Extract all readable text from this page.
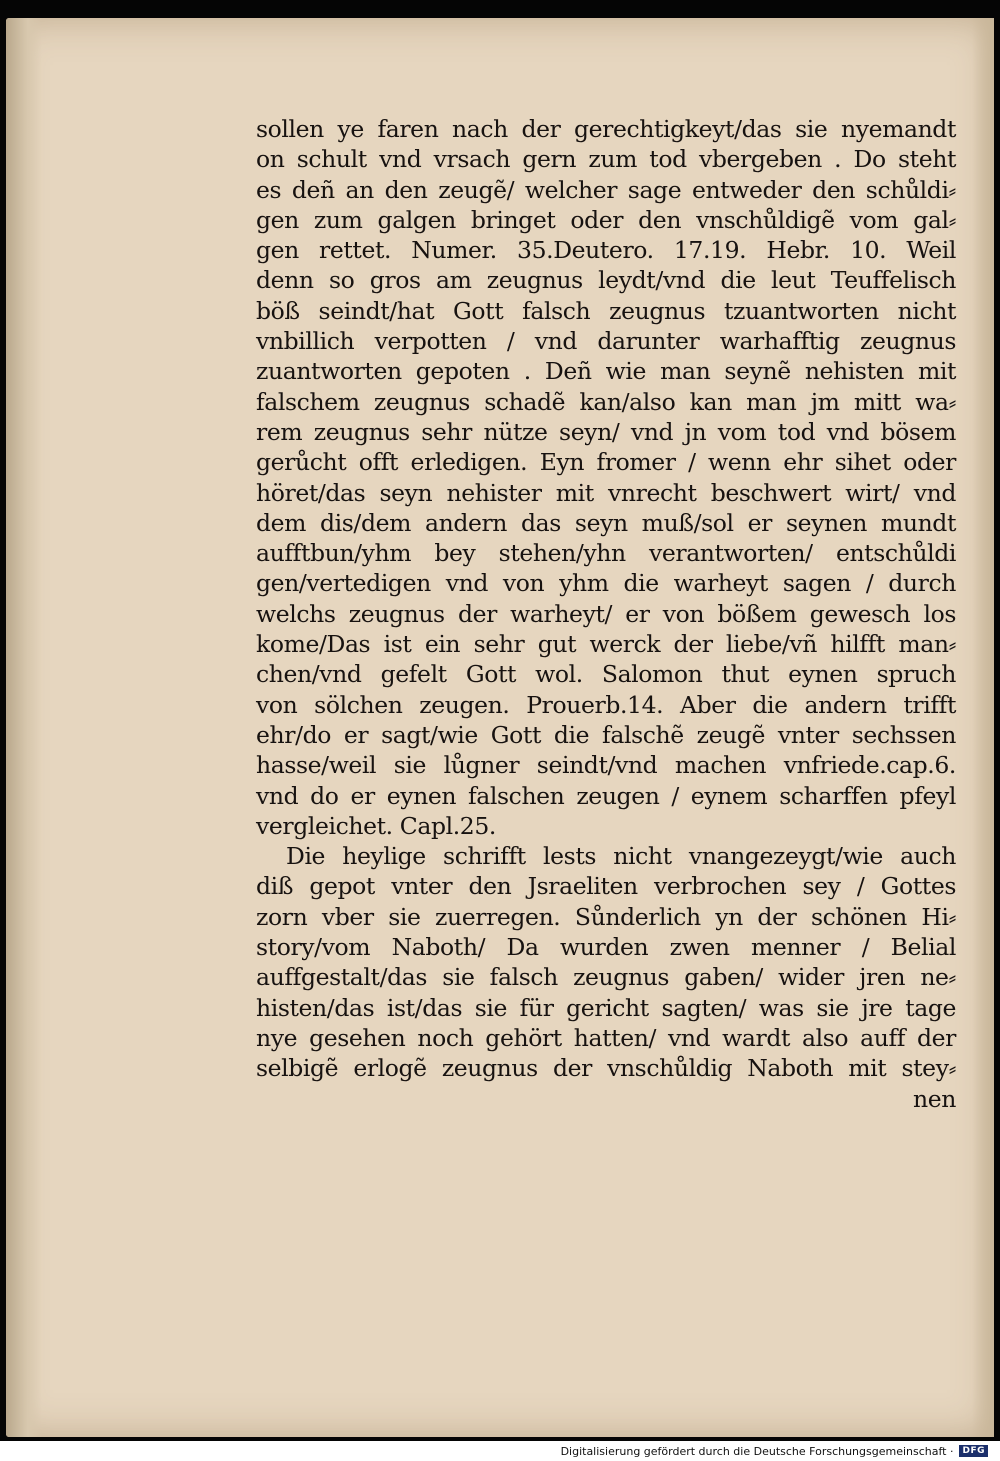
sollen ye faren nach der gerechtigkeyt/das sie nyemandt
on schult vnd vrsach gern zum tod vbergeben . Do steht
es deñ an den zeugẽ/ welcher sage entweder den schůldi⸗
gen zum galgen bringet oder den vnschůldigẽ vom gal⸗
gen rettet. Numer. 35.Deutero. 17.19. Hebr. 10. Weil
denn so gros am zeugnus leydt/vnd die leut Teuffelisch
böß seindt/hat Gott falsch zeugnus tzuantworten nicht
vnbillich verpotten / vnd darunter warhafftig zeugnus
zuantworten gepoten . Deñ wie man seynẽ nehisten mit
falschem zeugnus schadẽ kan/also kan man jm mitt wa⸗
rem zeugnus sehr nütze seyn/ vnd jn vom tod vnd bösem
gerůcht offt erledigen. Eyn fromer / wenn ehr sihet oder
höret/das seyn nehister mit vnrecht beschwert wirt/ vnd
dem dis/dem andern das seyn muß/sol er seynen mundt
aufftbun/yhm bey stehen/yhn verantworten/ entschůldi
gen/vertedigen vnd von yhm die warheyt sagen / durch
welchs zeugnus der warheyt/ er von bößem gewesch los
kome/Das ist ein sehr gut werck der liebe/vñ hilfft man⸗
chen/vnd gefelt Gott wol. Salomon thut eynen spruch
von sölchen zeugen. Prouerb.14. Aber die andern trifft
ehr/do er sagt/wie Gott die falschẽ zeugẽ vnter sechssen
hasse/weil sie lůgner seindt/vnd machen vnfriede.cap.6.
vnd do er eynen falschen zeugen / eynem scharffen pfeyl
vergleichet. Capl.25.
Die heylige schrifft lests nicht vnangezeygt/wie auch
diß gepot vnter den Jsraeliten verbrochen sey / Gottes
zorn vber sie zuerregen. Sůnderlich yn der schönen Hi⸗
story/vom Naboth/ Da wurden zwen menner / Belial
auffgestalt/das sie falsch zeugnus gaben/ wider jren ne⸗
histen/das ist/das sie für gericht sagten/ was sie jre tage
nye gesehen noch gehört hatten/ vnd wardt also auff der
selbigẽ erlogẽ zeugnus der vnschůldig Naboth mit stey⸗
nen
Digitalisierung gefördert durch die Deutsche Forschungsgemeinschaft ·	DFG
